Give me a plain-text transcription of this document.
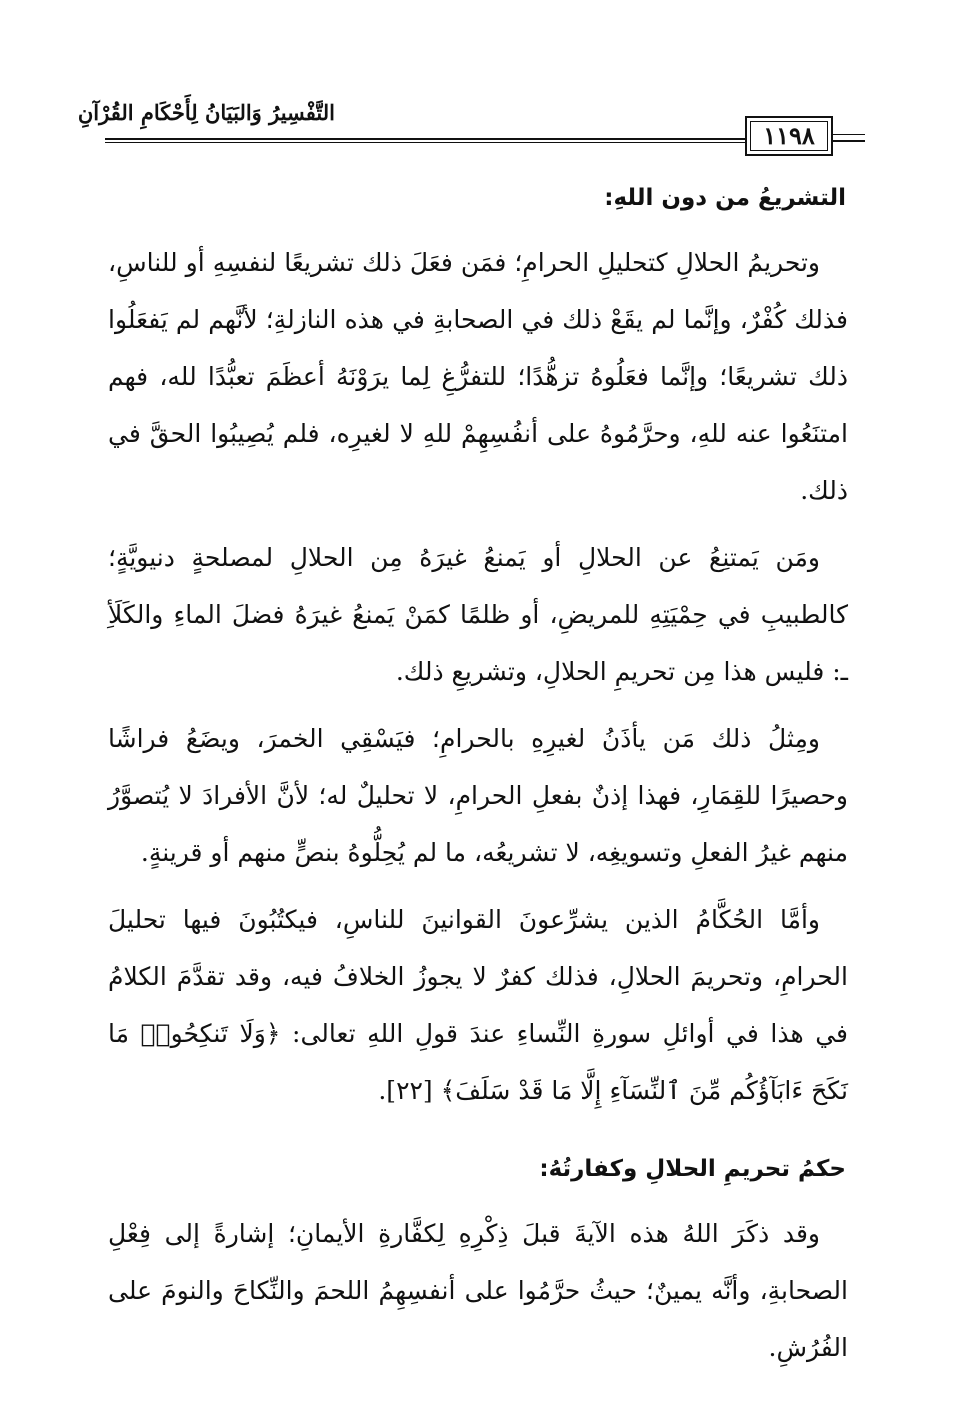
التَّفْسِيرُ وَالبَيَانُ لِأَحْكَامِ القُرْآنِ
١١٩٨

التشريعُ من دون اللهِ:

وتحريمُ الحلالِ كتحليلِ الحرامِ؛ فمَن فعَلَ ذلك تشريعًا لنفسِهِ أو للناسِ، فذلك كُفْرٌ، وإنَّما لم يقَعْ ذلك في الصحابةِ في هذه النازلةِ؛ لأنَّهم لم يَفعَلُوا ذلك تشريعًا؛ وإنَّما فعَلُوهُ تزهُّدًا؛ للتفرُّغِ لِما يرَوْنَهُ أعظَمَ تعبُّدًا لله، فهم امتنَعُوا عنه للهِ، وحرَّمُوهُ على أنفُسِهِمْ للهِ لا لغيرِه، فلم يُصِيبُوا الحقَّ في ذلك.

ومَن يَمتنِعُ عن الحلالِ أو يَمنعُ غيرَهُ مِن الحلالِ لمصلحةٍ دنيويَّةٍ؛ كالطبيبِ في حِمْيَتِهِ للمريضِ، أو ظلمًا كمَنْ يَمنعُ غيرَهُ فضلَ الماءِ والكَلَأِ ـ: فليس هذا مِن تحريمِ الحلالِ، وتشريعِ ذلك.

ومِثلُ ذلك مَن يأذَنُ لغيرِهِ بالحرامِ؛ فيَسْقِي الخمرَ، ويضَعُ فراشًا وحصيرًا للقِمَارِ، فهذا إذنٌ بفعلِ الحرامِ، لا تحليلٌ له؛ لأنَّ الأفرادَ لا يُتصوَّرُ منهم غيرُ الفعلِ وتسويغِه، لا تشريعُه، ما لم يُحِلُّوهُ بنصٍّ منهم أو قرينةٍ.

وأمَّا الحُكَّامُ الذين يشرِّعونَ القوانينَ للناسِ، فيكتُبُونَ فيها تحليلَ الحرامِ، وتحريمَ الحلالِ، فذلك كفرٌ لا يجوزُ الخلافُ فيه، وقد تقدَّمَ الكلامُ في هذا في أوائلِ سورةِ النِّساءِ عندَ قولِ اللهِ تعالى: ﴿وَلَا تَنكِحُوا۟ مَا نَكَحَ ءَابَآؤُكُم مِّنَ ٱلنِّسَآءِ إِلَّا مَا قَدْ سَلَفَ﴾ [٢٢].

حكمُ تحريمِ الحلالِ وكفارتُهُ:

وقد ذكَرَ اللهُ هذه الآيةَ قبلَ ذِكْرِهِ لِكفَّارةِ الأيمانِ؛ إشارةً إلى فِعْلِ الصحابةِ، وأنَّه يمينٌ؛ حيثُ حرَّمُوا على أنفسِهِمُ اللحمَ والنِّكاحَ والنومَ على الفُرُشِ.
